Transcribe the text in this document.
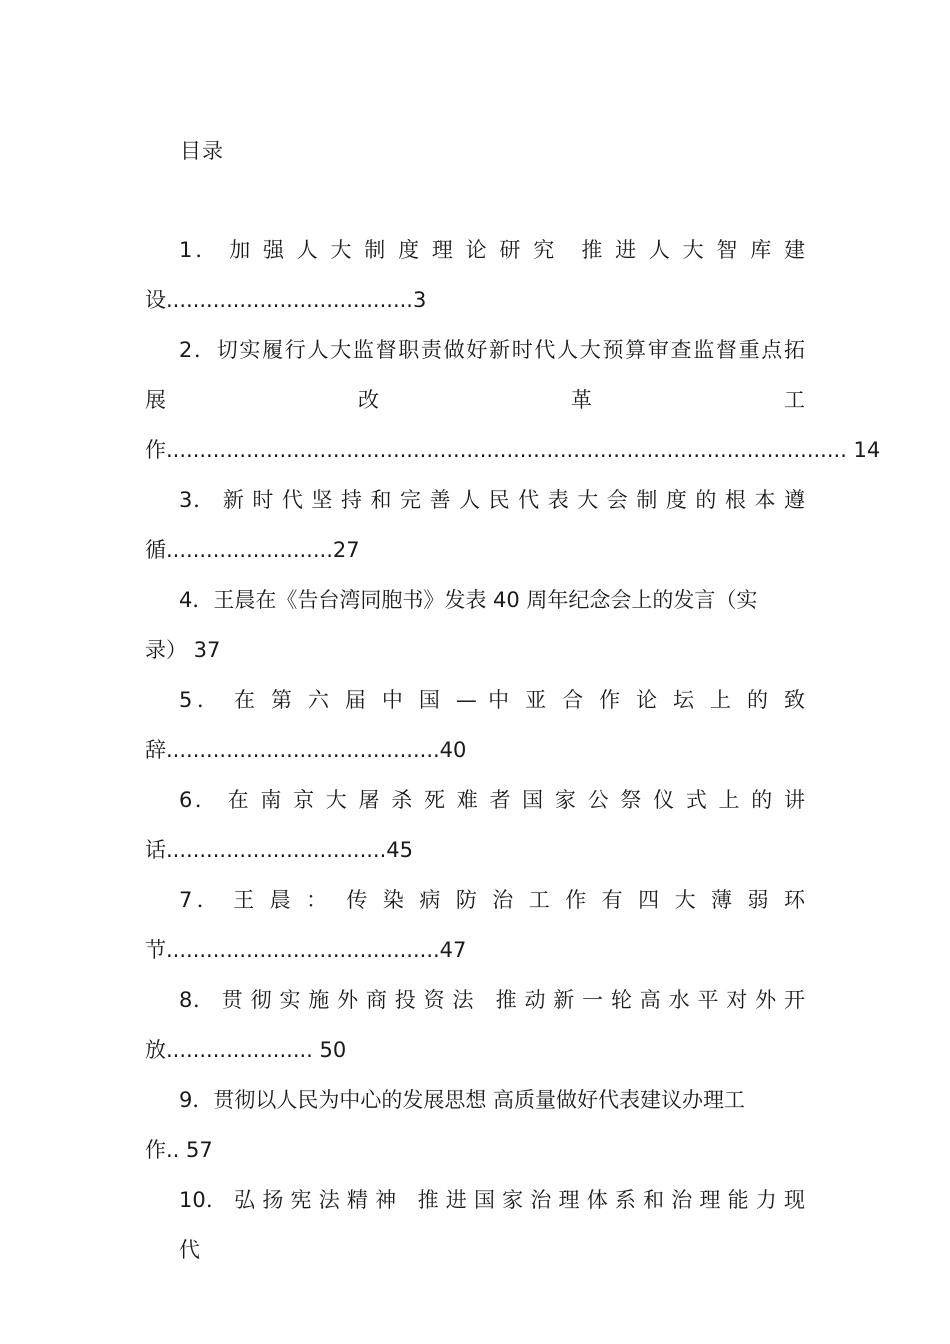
目录
1． 加 强 人 大 制 度 理 论 研 究　推 进 人 大 智 库 建
设.....................................3
2．切实履行人大监督职责做好新时代人大预算审查监督重点拓
展	改	革	工
作...................................................................................................... 14
3． 新 时 代 坚 持 和 完 善 人 民 代 表 大 会 制 度 的 根 本 遵
循.........................27
4．王晨在《告台湾同胞书》发表 40 周年纪念会上的发言（实
录） 37
5． 在 第 六 届 中 国 — 中 亚 合 作 论 坛 上 的 致
辞.........................................40
6． 在 南 京 大 屠 杀 死 难 者 国 家 公 祭 仪 式 上 的 讲
话.................................45
7． 王 晨 ：　传 染 病 防 治 工 作 有 四 大 薄 弱 环
节.........................................47
8． 贯 彻 实 施 外 商 投 资 法　推 动 新 一 轮 高 水 平 对 外 开
放...................... 50
9．贯彻以人民为中心的发展思想 高质量做好代表建议办理工
作.. 57
10． 弘 扬 宪 法 精 神　推 进 国 家 治 理 体 系 和 治 理 能 力 现 代
